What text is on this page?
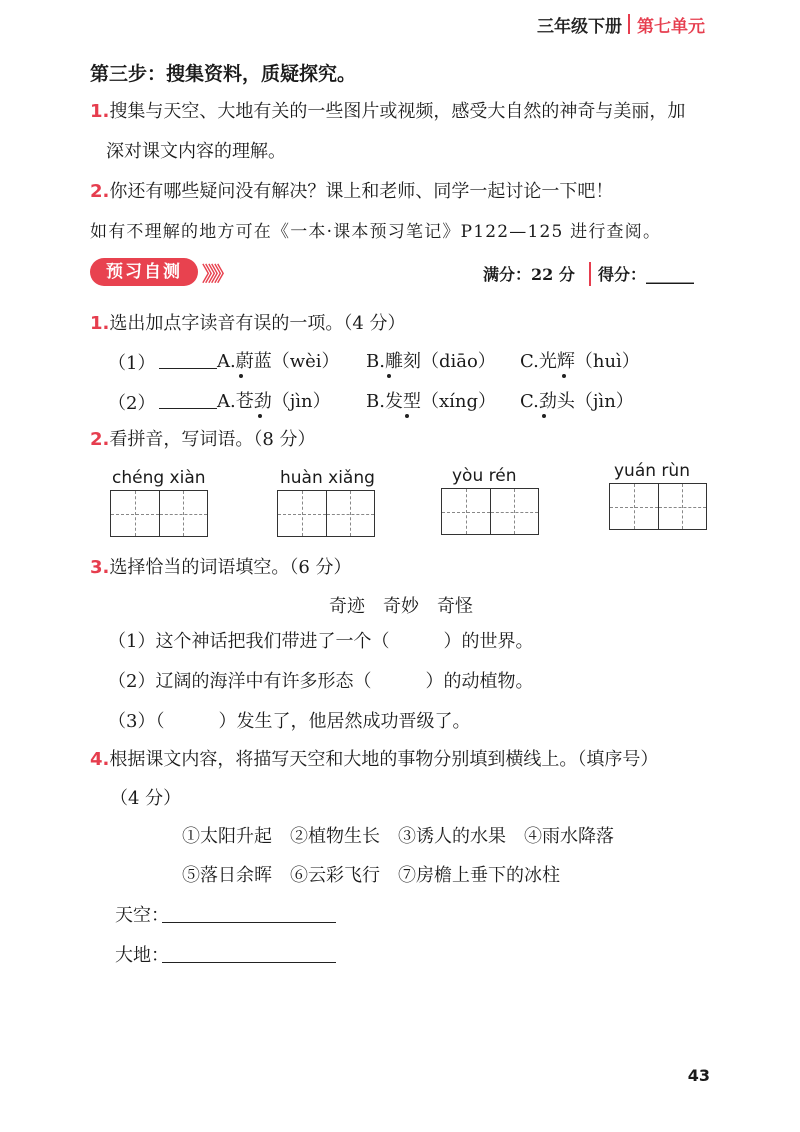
三年级下册 第七单元
第三步：搜集资料，质疑探究。
1.搜集与天空、大地有关的一些图片或视频，感受大自然的神奇与美丽，加
深对课文内容的理解。
2.你还有哪些疑问没有解决？课上和老师、同学一起讨论一下吧！
如有不理解的地方可在《一本·课本预习笔记》P122—125 进行查阅。
预习自测	》》》	满分：22 分 得分：______
1.选出加点字读音有误的一项。（4 分）
（1）	A.蔚蓝（wèi） B.雕刻（diāo） C.光辉（huì）
（2）	A.苍劲（jìn） B.发型（xíng） C.劲头（jìn）
2.看拼音，写词语。（8 分）
chéng xiàn	huàn xiǎng	yòu rén	yuán rùn
3.选择恰当的词语填空。（6 分）
奇迹　奇妙　奇怪
（1）这个神话把我们带进了一个（　　　）的世界。
（2）辽阔的海洋中有许多形态（　　　）的动植物。
（3）（　　　）发生了，他居然成功晋级了。
4.根据课文内容，将描写天空和大地的事物分别填到横线上。（填序号）
（4 分）
①太阳升起　②植物生长　③诱人的水果　④雨水降落
⑤落日余晖　⑥云彩飞行　⑦房檐上垂下的冰柱
天空：
大地：
43
